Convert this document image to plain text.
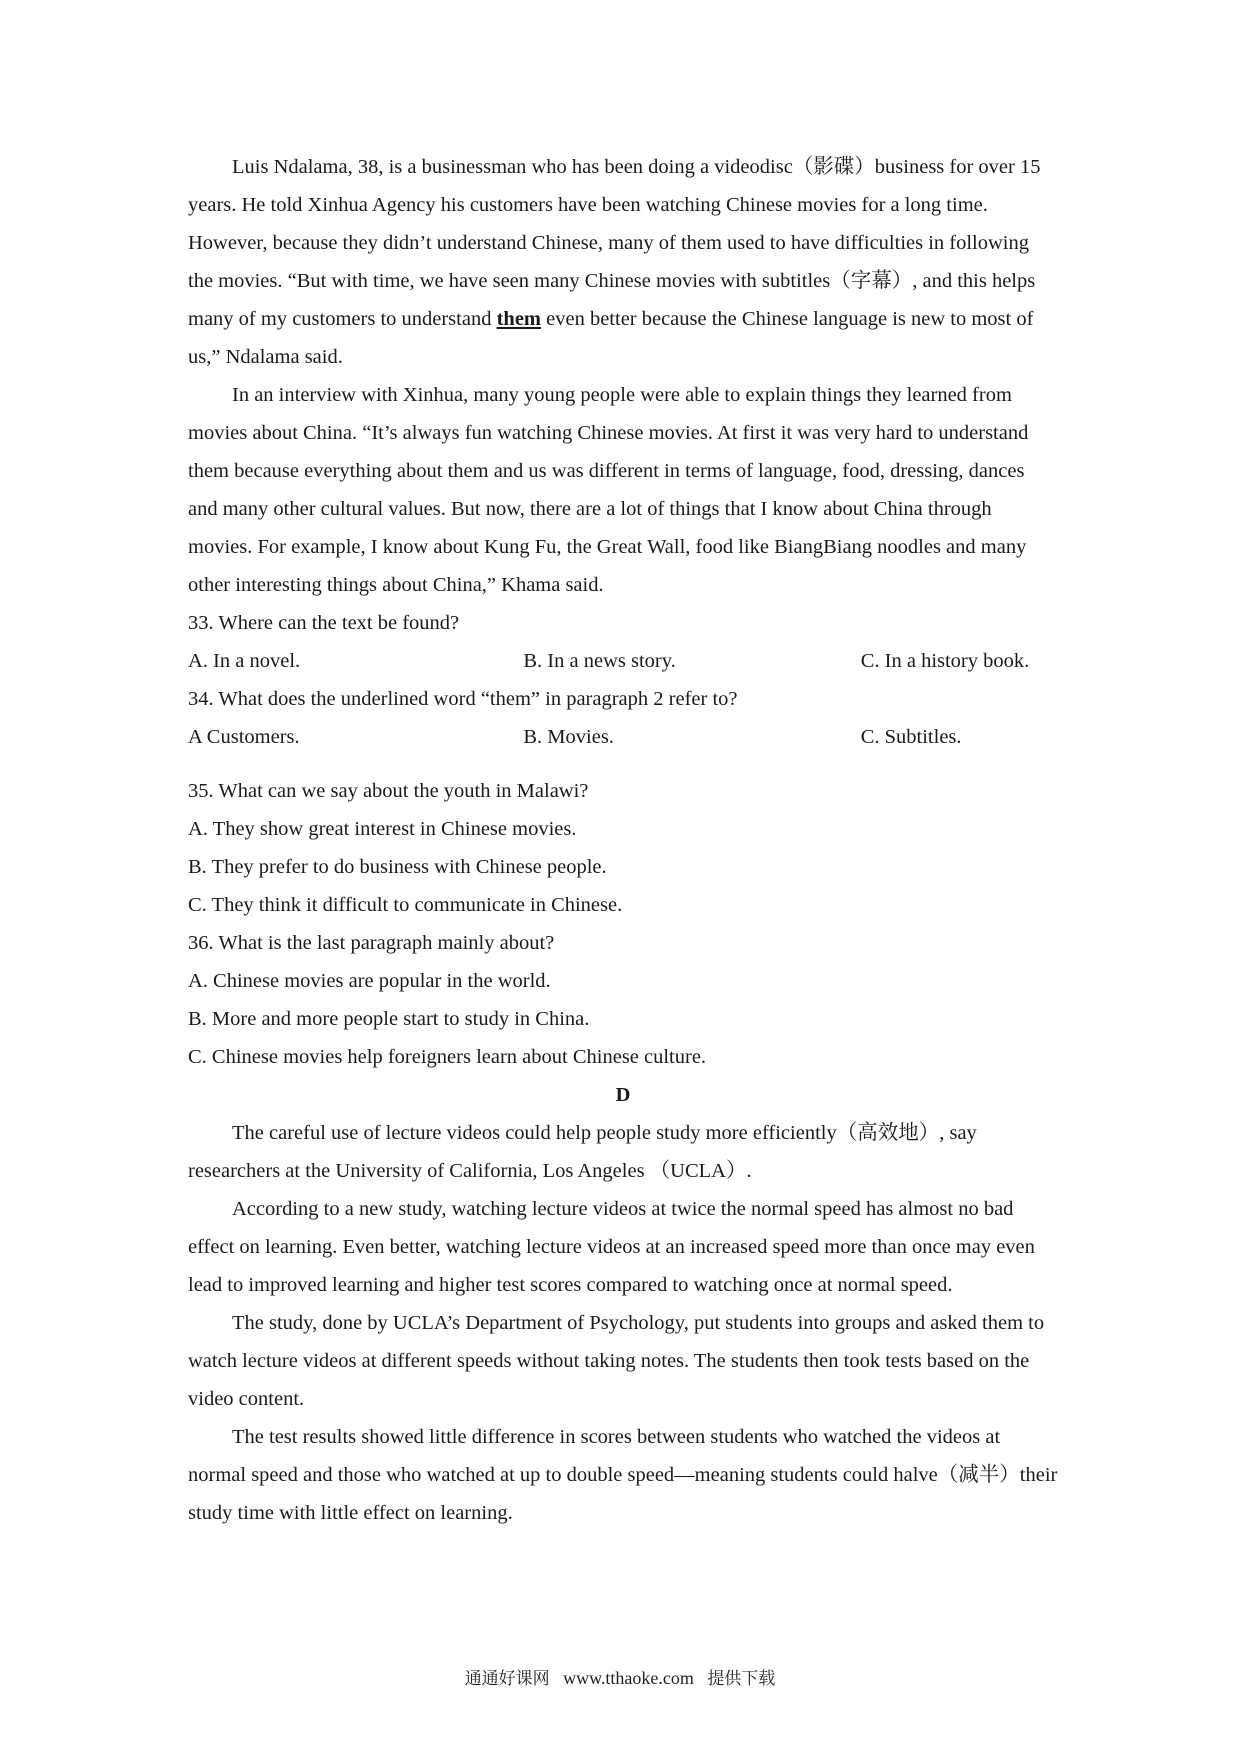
Luis Ndalama, 38, is a businessman who has been doing a videodisc（影碟）business for over 15 years. He told Xinhua Agency his customers have been watching Chinese movies for a long time. However, because they didn’t understand Chinese, many of them used to have difficulties in following the movies. “But with time, we have seen many Chinese movies with subtitles（字幕）, and this helps many of my customers to understand them even better because the Chinese language is new to most of us,” Ndalama said.

In an interview with Xinhua, many young people were able to explain things they learned from movies about China. “It’s always fun watching Chinese movies. At first it was very hard to understand them because everything about them and us was different in terms of language, food, dressing, dances and many other cultural values. But now, there are a lot of things that I know about China through movies. For example, I know about Kung Fu, the Great Wall, food like BiangBiang noodles and many other interesting things about China,” Khama said.

33. Where can the text be found?

A. In a novel.	B. In a news story.	C. In a history book.

34. What does the underlined word “them” in paragraph 2 refer to?

A Customers.	B. Movies.	C. Subtitles.

35. What can we say about the youth in Malawi?

A. They show great interest in Chinese movies.

B. They prefer to do business with Chinese people.

C. They think it difficult to communicate in Chinese.

36. What is the last paragraph mainly about?

A. Chinese movies are popular in the world.

B. More and more people start to study in China.

C. Chinese movies help foreigners learn about Chinese culture.

D

The careful use of lecture videos could help people study more efficiently（高效地）, say researchers at the University of California, Los Angeles （UCLA）.

According to a new study, watching lecture videos at twice the normal speed has almost no bad effect on learning. Even better, watching lecture videos at an increased speed more than once may even lead to improved learning and higher test scores compared to watching once at normal speed.

The study, done by UCLA’s Department of Psychology, put students into groups and asked them to watch lecture videos at different speeds without taking notes. The students then took tests based on the video content.

The test results showed little difference in scores between students who watched the videos at normal speed and those who watched at up to double speed—meaning students could halve（减半）their study time with little effect on learning.

通通好课网 www.tthaoke.com 提供下载
